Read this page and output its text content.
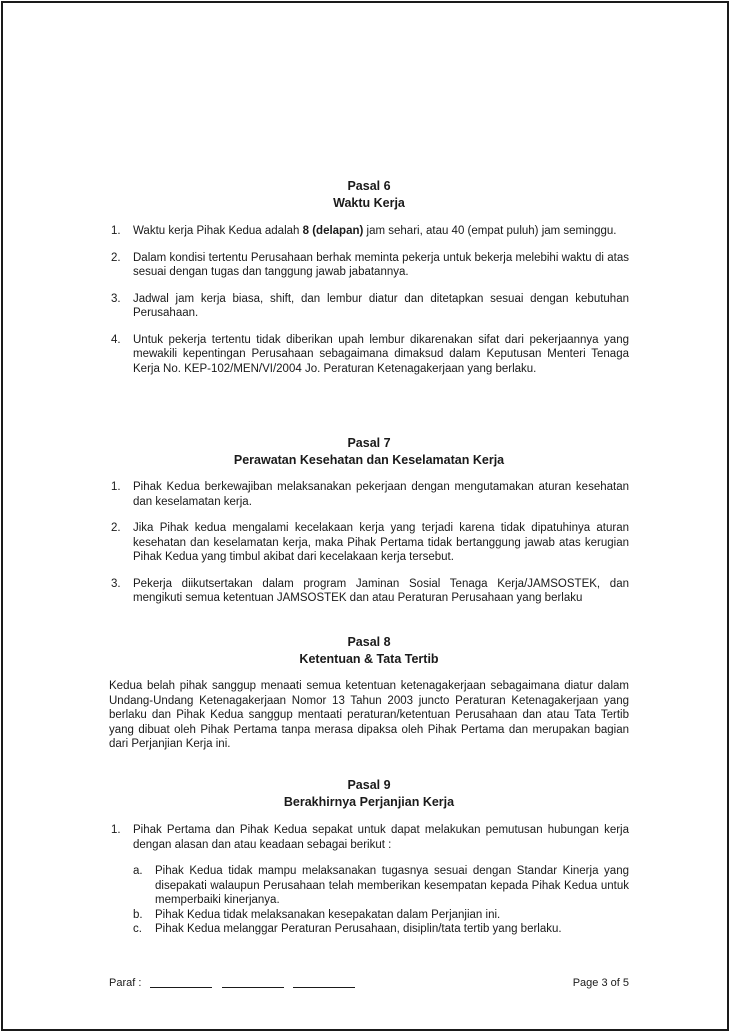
Pasal 6
Waktu Kerja
1. Waktu kerja Pihak Kedua adalah 8 (delapan) jam sehari, atau 40 (empat puluh) jam seminggu.
2. Dalam kondisi tertentu Perusahaan berhak meminta pekerja untuk bekerja melebihi waktu di atas sesuai dengan tugas dan tanggung jawab jabatannya.
3. Jadwal jam kerja biasa, shift, dan lembur diatur dan ditetapkan sesuai dengan kebutuhan Perusahaan.
4. Untuk pekerja tertentu tidak diberikan upah lembur dikarenakan sifat dari pekerjaannya yang mewakili kepentingan Perusahaan sebagaimana dimaksud dalam Keputusan Menteri Tenaga Kerja No. KEP-102/MEN/VI/2004 Jo. Peraturan Ketenagakerjaan yang berlaku.
Pasal 7
Perawatan Kesehatan dan Keselamatan Kerja
1. Pihak Kedua berkewajiban melaksanakan pekerjaan dengan mengutamakan aturan kesehatan dan keselamatan kerja.
2. Jika Pihak kedua mengalami kecelakaan kerja yang terjadi karena tidak dipatuhinya aturan kesehatan dan keselamatan kerja, maka Pihak Pertama tidak bertanggung jawab atas kerugian Pihak Kedua yang timbul akibat dari kecelakaan kerja tersebut.
3. Pekerja diikutsertakan dalam program Jaminan Sosial Tenaga Kerja/JAMSOSTEK, dan mengikuti semua ketentuan JAMSOSTEK dan atau Peraturan Perusahaan yang berlaku
Pasal 8
Ketentuan & Tata Tertib

Kedua belah pihak sanggup menaati semua ketentuan ketenagakerjaan sebagaimana diatur dalam Undang-Undang Ketenagakerjaan Nomor 13 Tahun 2003 juncto Peraturan Ketenagakerjaan yang berlaku dan Pihak Kedua sanggup mentaati peraturan/ketentuan Perusahaan dan atau Tata Tertib yang dibuat oleh Pihak Pertama tanpa merasa dipaksa oleh Pihak Pertama dan merupakan bagian dari Perjanjian Kerja ini.

Pasal 9
Berakhirnya Perjanjian Kerja
1. Pihak Pertama dan Pihak Kedua sepakat untuk dapat melakukan pemutusan hubungan kerja dengan alasan dan atau keadaan sebagai berikut :
a. Pihak Kedua tidak mampu melaksanakan tugasnya sesuai dengan Standar Kinerja yang disepakati walaupun Perusahaan telah memberikan kesempatan kepada Pihak Kedua untuk memperbaiki kinerjanya.
b. Pihak Kedua tidak melaksanakan kesepakatan dalam Perjanjian ini.
c. Pihak Kedua melanggar Peraturan Perusahaan, disiplin/tata tertib yang berlaku.
Paraf :	Page 3 of 5
